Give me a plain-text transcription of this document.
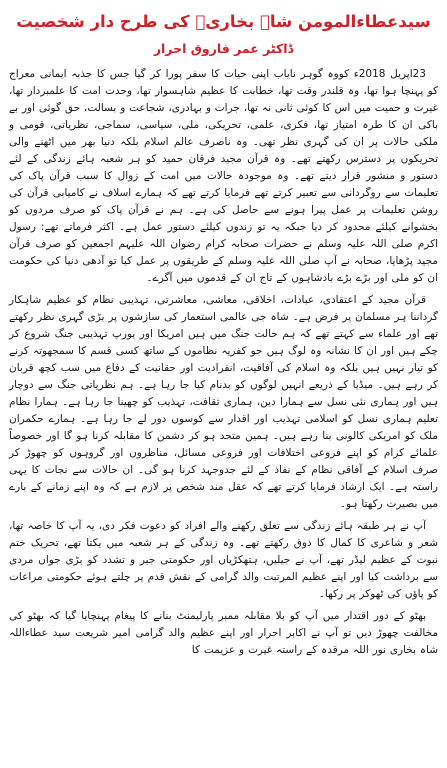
سیدعطاءالمومن شاہ بخاریؒ کی طرح دار شخصیت
ڈاکٹر عمر فاروق احرار

23اپریل 2018ء کووہ گوہر نایاب اپنی حیات کا سفر پورا کر گیا جس کا جذبہ ایمانی معراج کو پہنچا ہوا تھا، وہ قلندر وقت تھا، خطابت کا عظیم شاہسوار تھا، وحدت امت کا علمبردار تھا، غیرت و حمیت میں اس کا کوئی ثانی نہ تھا، جرات و بہادری، شجاعت و بسالت، حق گوئی اور بے باکی ان کا طرہ امتیاز تھا، فکری، علمی، تحریکی، ملی، سیاسی، سماجی، نظریاتی، قومی و ملکی حالات پر ان کی گہری نظر تھی۔ وہ ناصرف عالم اسلام بلکہ دنیا بھر میں اٹھنے والی تحریکوں پر دسترس رکھتے تھے۔ وہ قرآن مجید فرقان حمید کو ہر شعبہ ہائے زندگی کے لئے دستور و منشور قرار دیتے تھے۔ وہ موجودہ حالات میں امت کے زوال کا سبب قرآن پاک کی تعلیمات سے روگردانی سے تعبیر کرتے تھے فرمایا کرتے تھے کہ ہمارے اسلاف نے کامیابی قرآن کی روشن تعلیمات پر عمل پیرا ہونے سے حاصل کی ہے۔ ہم نے قرآن پاک کو صرف مردوں کو بخشوانے کیلئے محدود کر دیا جبکہ یہ تو زندوں کیلئے دستور عمل ہے۔ اکثر فرماتے تھے: رسول اکرم صلی اللہ علیہ وسلم نے حضرات صحابہ کرام رضوان اللہ علیہم اجمعین کو صرف قرآن مجید پڑھایا، صحابہ نے آپ صلی اللہ علیہ وسلم کے طریقوں پر عمل کیا تو آدھی دنیا کی حکومت ان کو ملی اور بڑے بڑے بادشاہوں کے تاج ان کے قدموں میں آگرے۔

قرآن مجید کے اعتقادی، عبادات، اخلاقی، معاشی، معاشرتی، تہذیبی نظام کو عظیم شاہکار گرداننا ہر مسلمان پر فرض ہے۔ شاہ جی عالمی استعمار کی سازشوں پر بڑی گہری نظر رکھتے تھے اور علماء سے کہتے تھے کہ ہم حالت جنگ میں ہیں امریکا اور یورپ تہذیبی جنگ شروع کر چکے ہیں اور ان کا نشانہ وہ لوگ ہیں جو کفریہ نظاموں کے ساتھ کسی قسم کا سمجھوتہ کرنے کو تیار نہیں ہیں بلکہ وہ اسلام کی آفاقیت، انفرادیت اور حقانیت کے دفاع میں سب کچھ قربان کر رہے ہیں۔ میڈیا کے ذریعے انہیں لوگوں کو بدنام کیا جا رہا ہے۔ ہم نظریاتی جنگ سے دوچار ہیں اور ہماری نئی نسل سے ہمارا دین، ہماری ثقافت، تہذیب کو چھینا جا رہا ہے۔ ہمارا نظام تعلیم ہماری نسل کو اسلامی تہذیب اور اقدار سے کوسوں دور لے جا رہا ہے۔ ہمارے حکمران ملک کو امریکی کالونی بنا رہے ہیں۔ ہمیں متحد ہو کر دشمن کا مقابلہ کرنا ہو گا اور خصوصاً علمائے کرام کو اپنے فروعی اختلافات اور فروعی مسائل، مناظروں اور گروہوں کو چھوڑ کر صرف اسلام کے آفاقی نظام کے نفاذ کے لئے جدوجہد کرنا ہو گی۔ ان حالات سے نجات کا یہی راستہ ہے۔ ایک ارشاد فرمایا کرتے تھے کہ عقل مند شخص پر لازم ہے کہ وہ اپنے زمانے کے بارے میں بصیرت رکھتا ہو۔

آپ نے ہر طبقہ ہائے زندگی سے تعلق رکھنے والے افراد کو دعوت فکر دی، یہ آپ کا خاصہ تھا، شعر و شاعری کا کمال کا ذوق رکھتے تھے۔ وہ زندگی کے ہر شعبہ میں یکتا تھے، تحریک ختم نبوت کے عظیم لیڈر تھے، آپ نے جیلیں، ہتھکڑیاں اور حکومتی جبر و تشدد کو بڑی جواں مردی سے برداشت کیا اور اپنے عظیم المرتبت والد گرامی کے نقش قدم پر چلتے ہوئے حکومتی مراعات کو پاؤں کی ٹھوکر پر رکھا۔

بھٹو کے دور اقتدار میں آپ کو بلا مقابلہ ممبر پارلیمنٹ بنانے کا پیغام پہنچایا گیا کہ بھٹو کی مخالفت چھوڑ دیں تو آپ نے اکابر احرار اور اپنے عظیم والد گرامی امیر شریعت سید عطاءاللہ شاہ بخاری نور اللہ مرقدہ کے راستہ غیرت و عزیمت کا
